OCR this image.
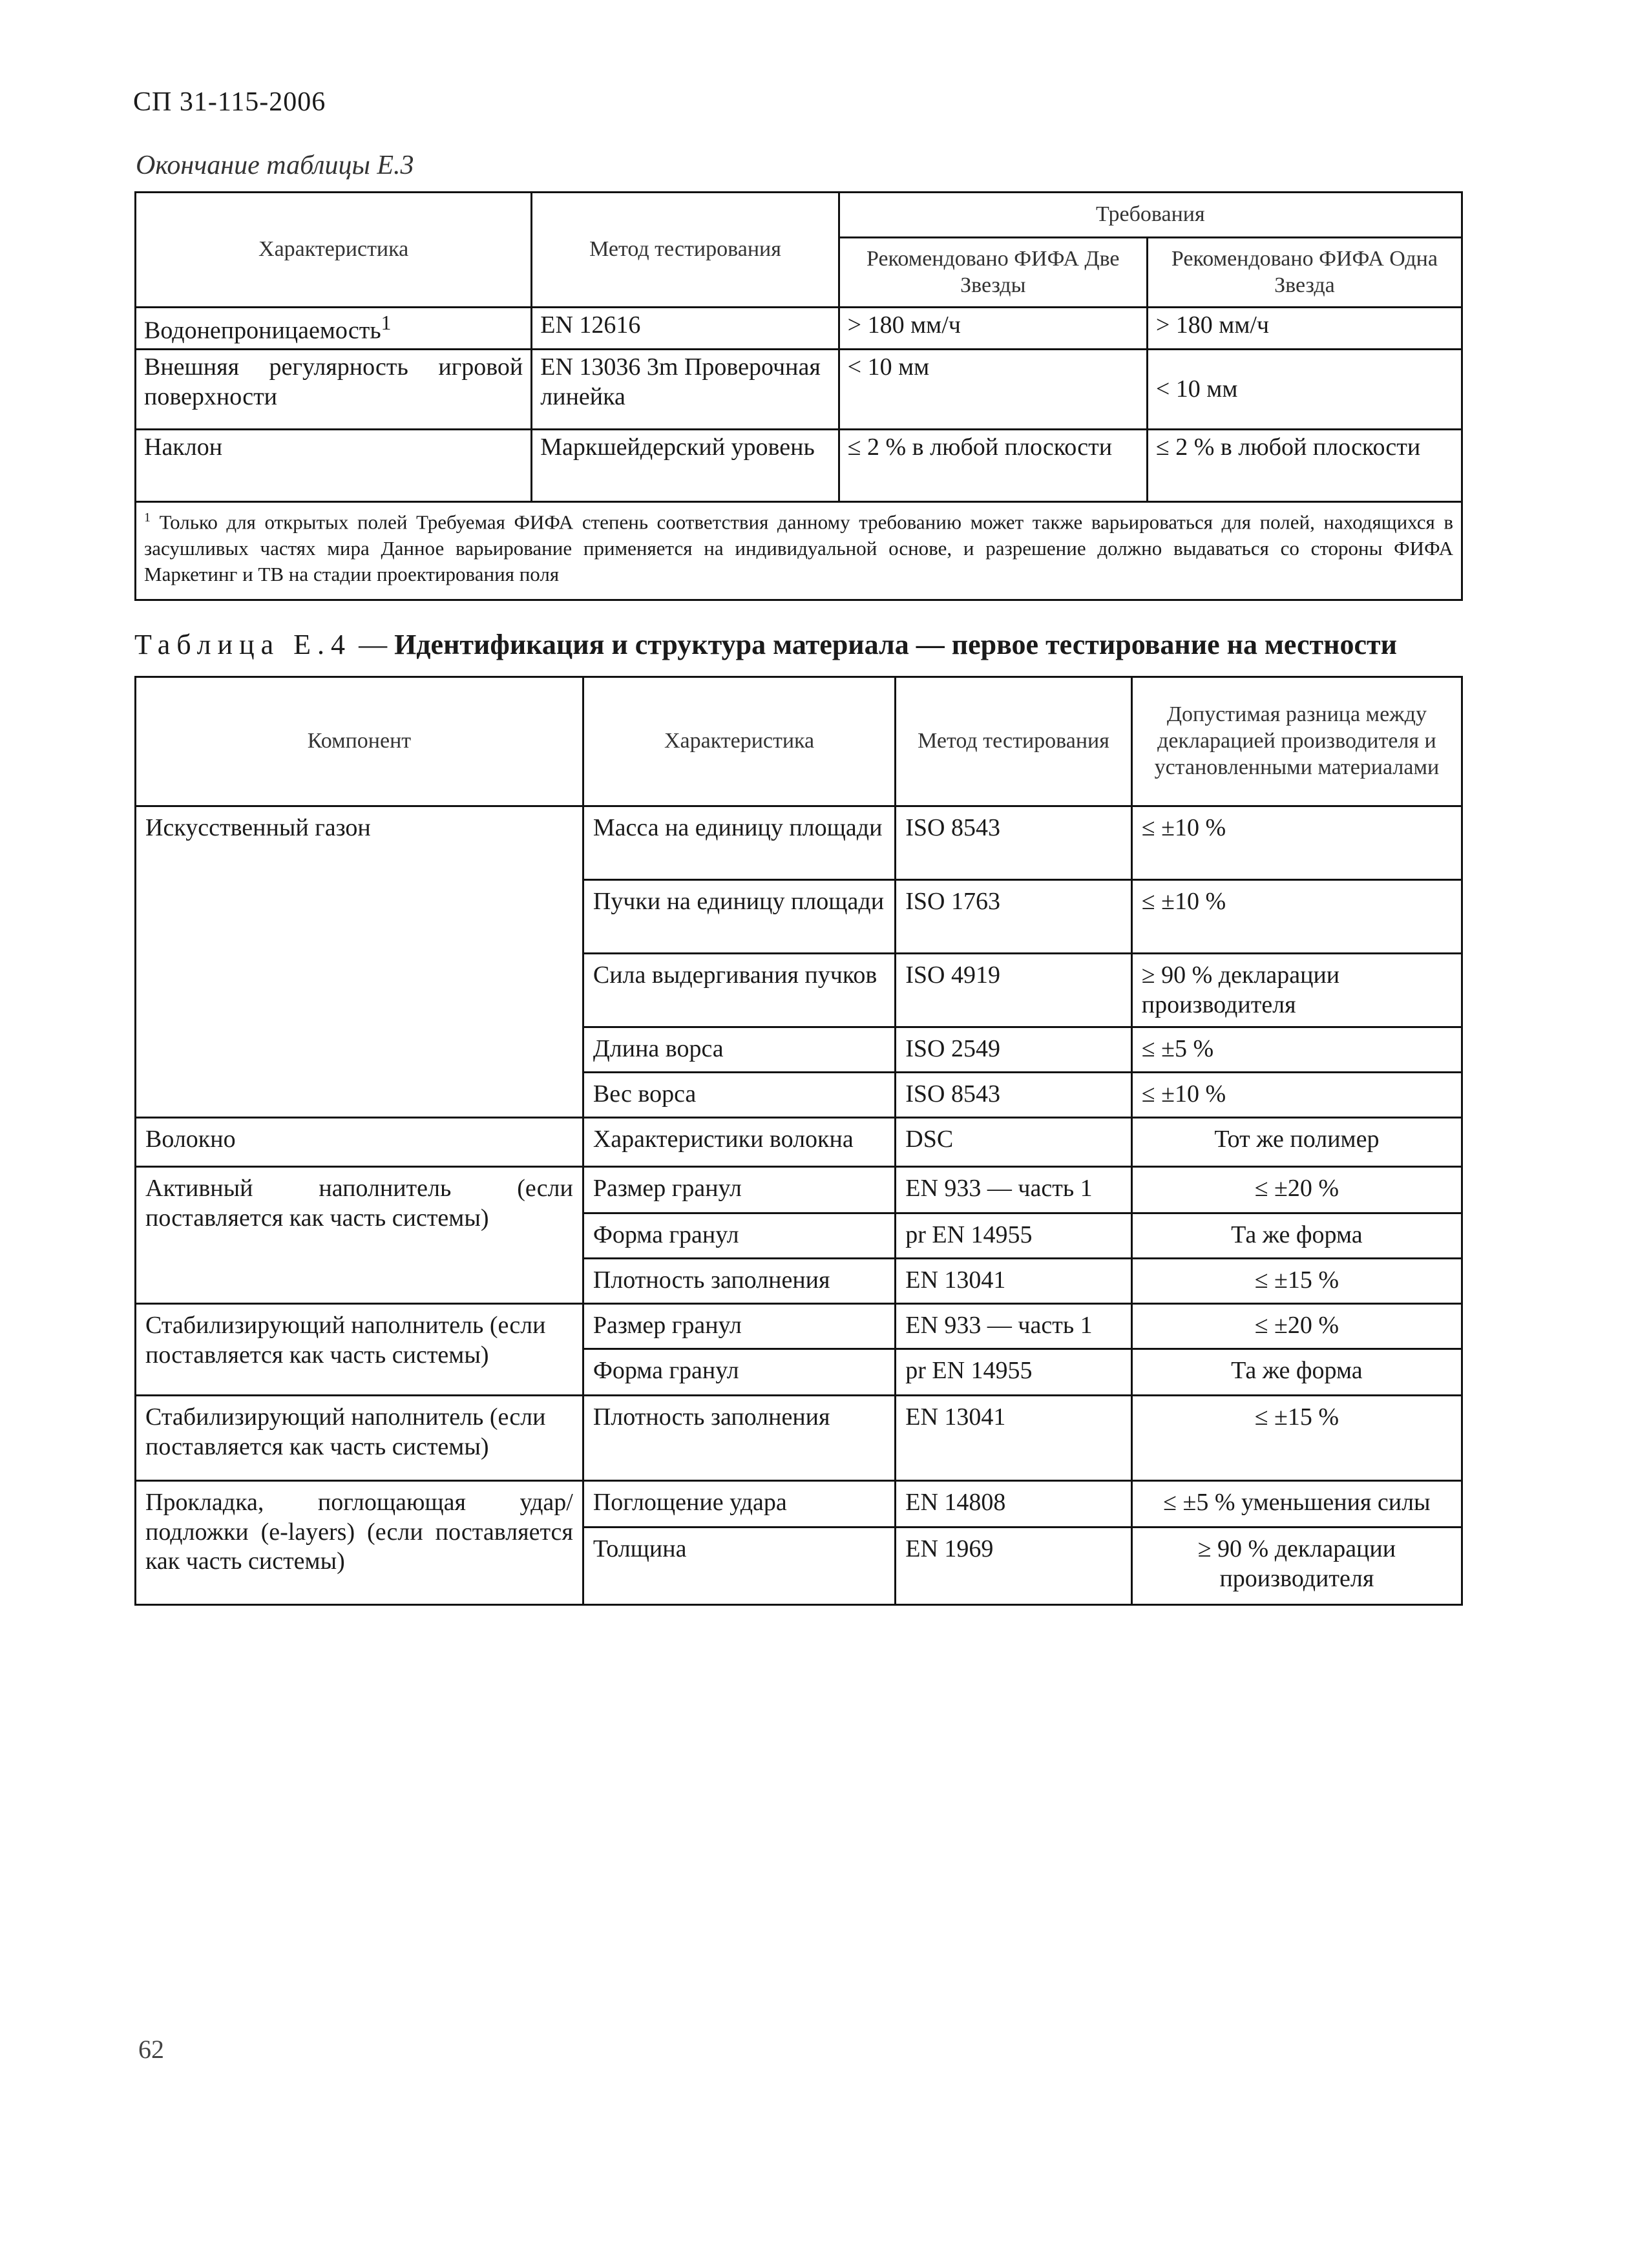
СП 31-115-2006
Окончание таблицы Е.3
Характеристика	Метод тестирования	Требования	
		Рекомендовано ФИФА Две Звезды	Рекомендовано ФИФА Одна Звезда
Водонепроницаемость$^1$	EN 12616	> 180 мм/ч	> 180 мм/ч
Внешняя регулярность игровой поверхности	EN 13036 3m Проверочная линейка	< 10 мм	< 10 мм
Наклон	Маркшейдерский уровень	≤ 2 % в любой плоскости	≤ 2 % в любой плоскости
$^1$ Только для открытых полей Требуемая ФИФА степень соответствия данному требованию может также варьироваться для полей, находящихся в засушливых частях мира Данное варьирование применяется на индивидуальной основе, и разрешение должно выдаваться со стороны ФИФА Маркетинг и ТВ на стадии проектирования поля			
Таблица Е.4 — Идентификация и структура материала — первое тестирование на местности
Компонент	Характеристика	Метод тестирования	Допустимая разница между декларацией производителя и установленными материалами
Искусственный газон	Масса на единицу площади	ISO 8543	≤ ±10 %
	Пучки на единицу площади	ISO 1763	≤ ±10 %
	Сила выдергивания пучков	ISO 4919	≥ 90 % декларации производителя
	Длина ворса	ISO 2549	≤ ±5 %
	Вес ворса	ISO 8543	≤ ±10 %
Волокно	Характеристики волокна	DSC	Тот же полимер
Активный наполнитель (если поставляется как часть системы)	Размер гранул	EN 933 — часть 1	≤ ±20 %
	Форма гранул	pr EN 14955	Та же форма
	Плотность заполнения	EN 13041	≤ ±15 %
Стабилизирующий наполнитель (если поставляется как часть системы)	Размер гранул	EN 933 — часть 1	≤ ±20 %
	Форма гранул	pr EN 14955	Та же форма
Стабилизирующий наполнитель (если поставляется как часть системы)	Плотность заполнения	EN 13041	≤ ±15 %
Прокладка, поглощающая удар/подложки (e-layers) (если поставляется как часть системы)	Поглощение удара	EN 14808	≤ ±5 % уменьшения силы
	Толщина	EN 1969	≥ 90 % декларации производителя
62
